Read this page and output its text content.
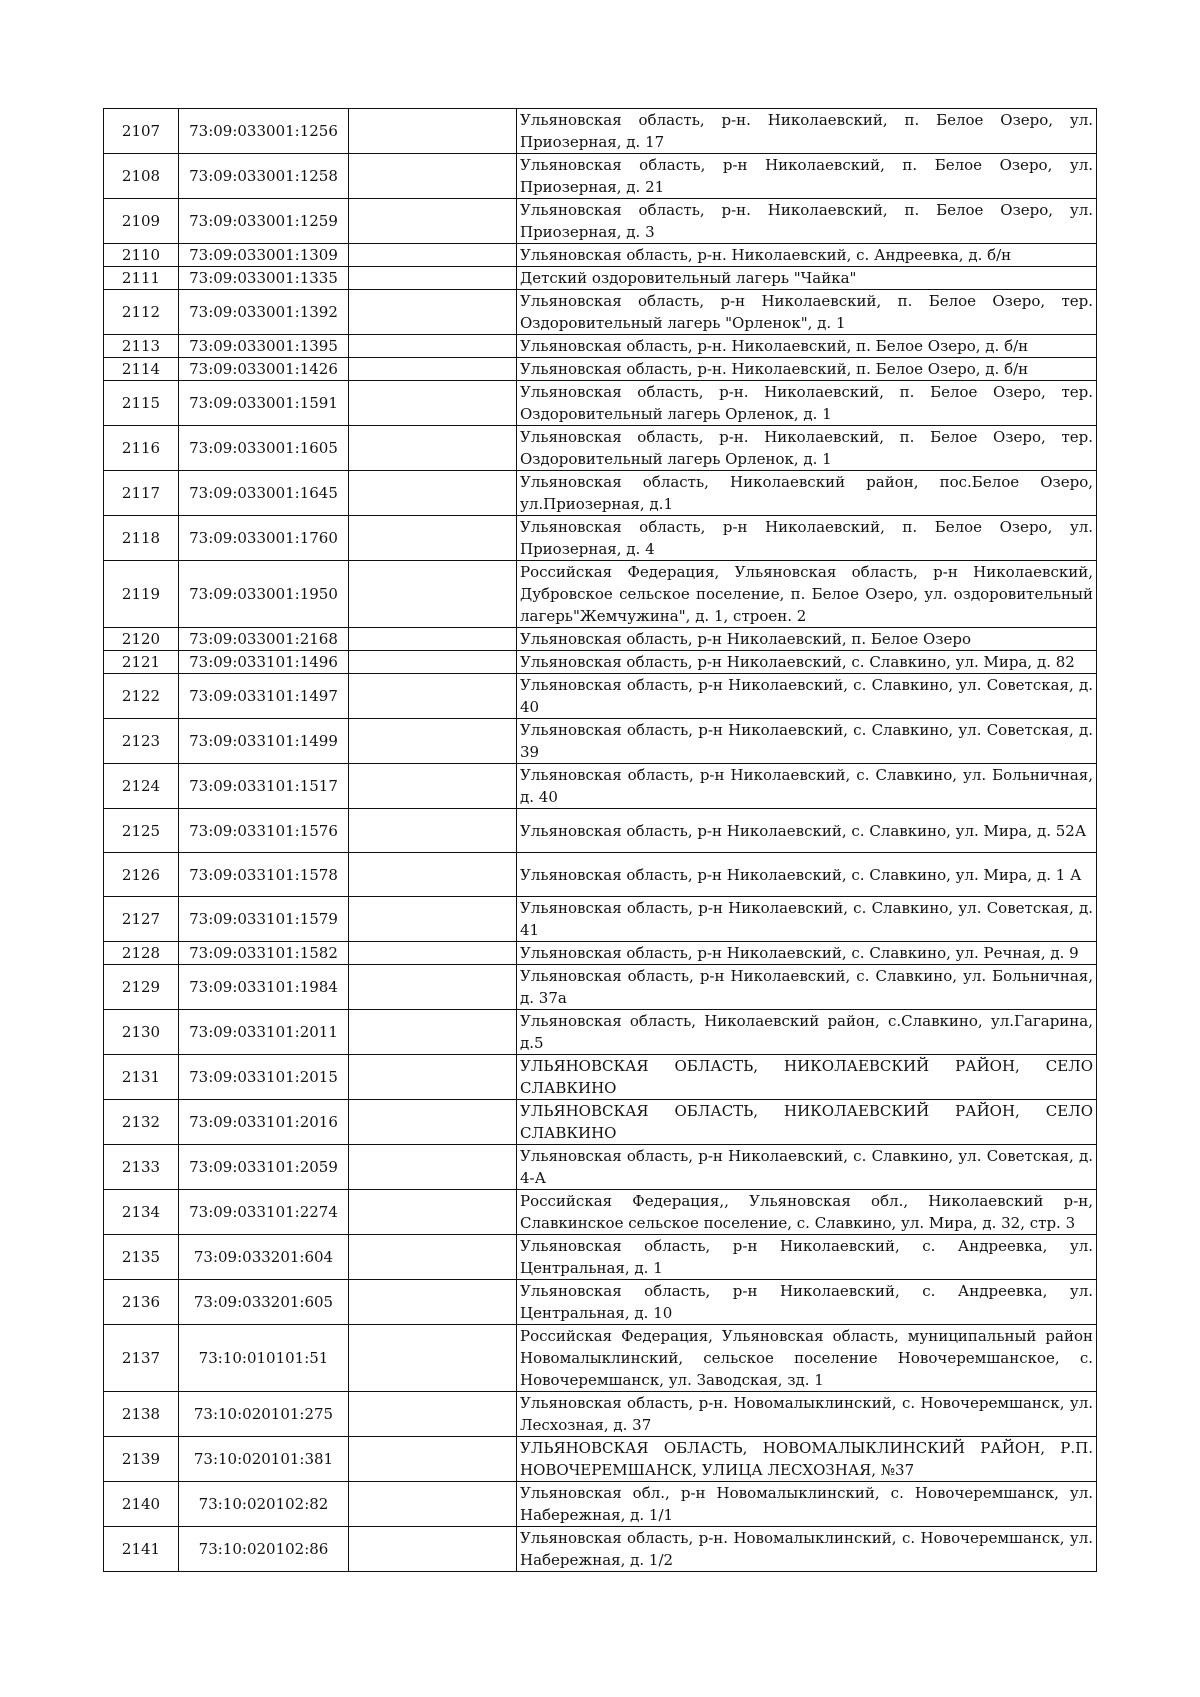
2107	73:09:033001:1256		Ульяновская область, р-н. Николаевский, п. Белое Озеро, ул. Приозерная, д. 17
2108	73:09:033001:1258		Ульяновская область, р-н Николаевский, п. Белое Озеро, ул. Приозерная, д. 21
2109	73:09:033001:1259		Ульяновская область, р-н. Николаевский, п. Белое Озеро, ул. Приозерная, д. 3
2110	73:09:033001:1309		Ульяновская область, р-н. Николаевский, с. Андреевка, д. б/н
2111	73:09:033001:1335		Детский оздоровительный лагерь "Чайка"
2112	73:09:033001:1392		Ульяновская область, р-н Николаевский, п. Белое Озеро, тер. Оздоровительный лагерь "Орленок", д. 1
2113	73:09:033001:1395		Ульяновская область, р-н. Николаевский, п. Белое Озеро, д. б/н
2114	73:09:033001:1426		Ульяновская область, р-н. Николаевский, п. Белое Озеро, д. б/н
2115	73:09:033001:1591		Ульяновская область, р-н. Николаевский, п. Белое Озеро, тер. Оздоровительный лагерь Орленок, д. 1
2116	73:09:033001:1605		Ульяновская область, р-н. Николаевский, п. Белое Озеро, тер. Оздоровительный лагерь Орленок, д. 1
2117	73:09:033001:1645		Ульяновская область, Николаевский район, пос.Белое Озеро, ул.Приозерная, д.1
2118	73:09:033001:1760		Ульяновская область, р-н Николаевский, п. Белое Озеро, ул. Приозерная, д. 4
2119	73:09:033001:1950		Российская Федерация, Ульяновская область, р-н Николаевский, Дубровское сельское поселение, п. Белое Озеро, ул. оздоровительный лагерь"Жемчужина", д. 1, строен. 2
2120	73:09:033001:2168		Ульяновская область, р-н Николаевский, п. Белое Озеро
2121	73:09:033101:1496		Ульяновская область, р-н Николаевский, с. Славкино, ул. Мира, д. 82
2122	73:09:033101:1497		Ульяновская область, р-н Николаевский, с. Славкино, ул. Советская, д. 40
2123	73:09:033101:1499		Ульяновская область, р-н Николаевский, с. Славкино, ул. Советская, д. 39
2124	73:09:033101:1517		Ульяновская область, р-н Николаевский, с. Славкино, ул. Больничная, д. 40
2125	73:09:033101:1576		Ульяновская область, р-н Николаевский, с. Славкино, ул. Мира, д. 52А
2126	73:09:033101:1578		Ульяновская область, р-н Николаевский, с. Славкино, ул. Мира, д. 1 А
2127	73:09:033101:1579		Ульяновская область, р-н Николаевский, с. Славкино, ул. Советская, д. 41
2128	73:09:033101:1582		Ульяновская область, р-н Николаевский, с. Славкино, ул. Речная, д. 9
2129	73:09:033101:1984		Ульяновская область, р-н Николаевский, с. Славкино, ул. Больничная, д. 37а
2130	73:09:033101:2011		Ульяновская область, Николаевский район, с.Славкино, ул.Гагарина, д.5
2131	73:09:033101:2015		УЛЬЯНОВСКАЯ ОБЛАСТЬ, НИКОЛАЕВСКИЙ РАЙОН, СЕЛО СЛАВКИНО
2132	73:09:033101:2016		УЛЬЯНОВСКАЯ ОБЛАСТЬ, НИКОЛАЕВСКИЙ РАЙОН, СЕЛО СЛАВКИНО
2133	73:09:033101:2059		Ульяновская область, р-н Николаевский, с. Славкино, ул. Советская, д. 4-А
2134	73:09:033101:2274		Российская Федерация,, Ульяновская обл., Николаевский р-н, Славкинское сельское поселение, с. Славкино, ул. Мира, д. 32, стр. 3
2135	73:09:033201:604		Ульяновская область, р-н Николаевский, с. Андреевка, ул. Центральная, д. 1
2136	73:09:033201:605		Ульяновская область, р-н Николаевский, с. Андреевка, ул. Центральная, д. 10
2137	73:10:010101:51		Российская Федерация, Ульяновская область, муниципальный район Новомалыклинский, сельское поселение Новочеремшанское, с. Новочеремшанск, ул. Заводская, зд. 1
2138	73:10:020101:275		Ульяновская область, р-н. Новомалыклинский, с. Новочеремшанск, ул. Лесхозная, д. 37
2139	73:10:020101:381		УЛЬЯНОВСКАЯ ОБЛАСТЬ, НОВОМАЛЫКЛИНСКИЙ РАЙОН, Р.П. НОВОЧЕРЕМШАНСК, УЛИЦА ЛЕСХОЗНАЯ, №37
2140	73:10:020102:82		Ульяновская обл., р-н Новомалыклинский, с. Новочеремшанск, ул. Набережная, д. 1/1
2141	73:10:020102:86		Ульяновская область, р-н. Новомалыклинский, с. Новочеремшанск, ул. Набережная, д. 1/2
